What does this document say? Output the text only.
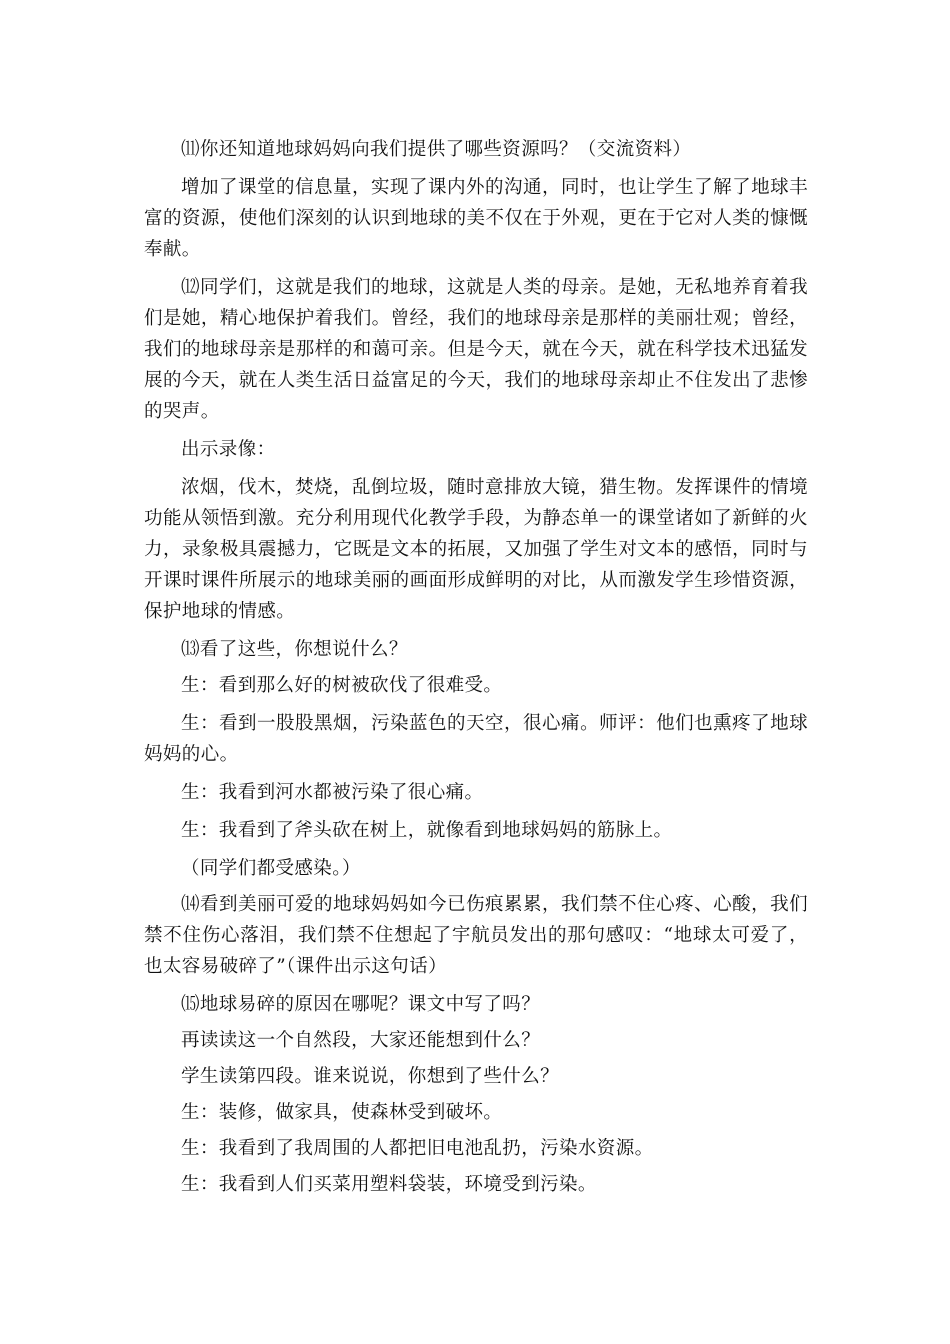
⑾你还知道地球妈妈向我们提供了哪些资源吗？（交流资料）

增加了课堂的信息量，实现了课内外的沟通，同时，也让学生了解了地球丰富的资源，使他们深刻的认识到地球的美不仅在于外观，更在于它对人类的慷慨奉献。

⑿同学们，这就是我们的地球，这就是人类的母亲。是她，无私地养育着我们是她，精心地保护着我们。曾经，我们的地球母亲是那样的美丽壮观；曾经，我们的地球母亲是那样的和蔼可亲。但是今天，就在今天，就在科学技术迅猛发展的今天，就在人类生活日益富足的今天，我们的地球母亲却止不住发出了悲惨的哭声。

出示录像：

浓烟，伐木，焚烧，乱倒垃圾，随时意排放大镜，猎生物。发挥课件的情境功能从领悟到激。充分利用现代化教学手段，为静态单一的课堂诸如了新鲜的火力，录象极具震撼力，它既是文本的拓展，又加强了学生对文本的感悟，同时与开课时课件所展示的地球美丽的画面形成鲜明的对比，从而激发学生珍惜资源，保护地球的情感。

⒀看了这些，你想说什么？

生：看到那么好的树被砍伐了很难受。

生：看到一股股黑烟，污染蓝色的天空，很心痛。师评：他们也熏疼了地球妈妈的心。

生：我看到河水都被污染了很心痛。

生：我看到了斧头砍在树上，就像看到地球妈妈的筋脉上。

（同学们都受感染。）

⒁看到美丽可爱的地球妈妈如今已伤痕累累，我们禁不住心疼、心酸，我们禁不住伤心落泪，我们禁不住想起了宇航员发出的那句感叹：“地球太可爱了，也太容易破碎了”（课件出示这句话）

⒂地球易碎的原因在哪呢？课文中写了吗？

再读读这一个自然段，大家还能想到什么？

学生读第四段。谁来说说，你想到了些什么？

生：装修，做家具，使森林受到破坏。

生：我看到了我周围的人都把旧电池乱扔，污染水资源。

生：我看到人们买菜用塑料袋装，环境受到污染。
